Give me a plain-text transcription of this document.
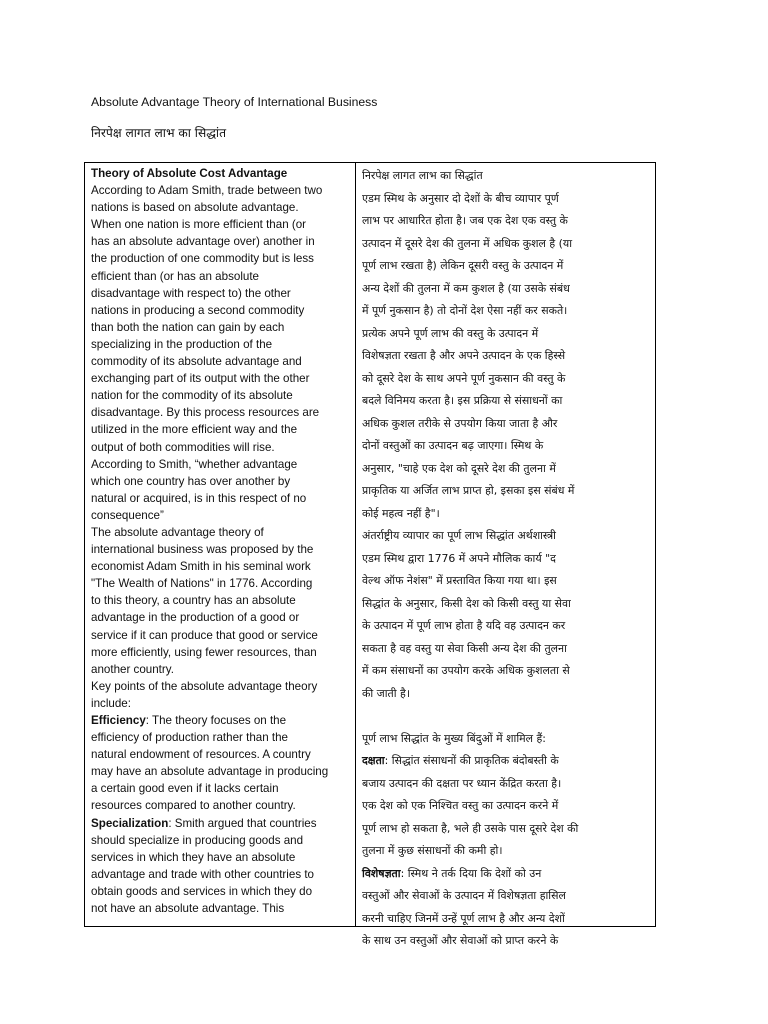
Absolute Advantage Theory of International Business
निरपेक्ष लागत लाभ का सिद्धांत
Theory of Absolute Cost Advantage
According to Adam Smith, trade between two
nations is based on absolute advantage.
When one nation is more efficient than (or
has an absolute advantage over) another in
the production of one commodity but is less
efficient than (or has an absolute
disadvantage with respect to) the other
nations in producing a second commodity
than both the nation can gain by each
specializing in the production of the
commodity of its absolute advantage and
exchanging part of its output with the other
nation for the commodity of its absolute
disadvantage. By this process resources are
utilized in the more efficient way and the
output of both commodities will rise.
According to Smith, “whether advantage
which one country has over another by
natural or acquired, is in this respect of no
consequence”
The absolute advantage theory of
international business was proposed by the
economist Adam Smith in his seminal work
"The Wealth of Nations" in 1776. According
to this theory, a country has an absolute
advantage in the production of a good or
service if it can produce that good or service
more efficiently, using fewer resources, than
another country.
Key points of the absolute advantage theory
include:
Efficiency: The theory focuses on the
efficiency of production rather than the
natural endowment of resources. A country
may have an absolute advantage in producing
a certain good even if it lacks certain
resources compared to another country.
Specialization: Smith argued that countries
should specialize in producing goods and
services in which they have an absolute
advantage and trade with other countries to
obtain goods and services in which they do
not have an absolute advantage. This
निरपेक्ष लागत लाभ का सिद्धांत
एडम स्मिथ के अनुसार दो देशों के बीच व्यापार पूर्ण
लाभ पर आधारित होता है। जब एक देश एक वस्तु के
उत्पादन में दूसरे देश की तुलना में अधिक कुशल है (या
पूर्ण लाभ रखता है) लेकिन दूसरी वस्तु के उत्पादन में
अन्य देशों की तुलना में कम कुशल है (या उसके संबंध
में पूर्ण नुकसान है) तो दोनों देश ऐसा नहीं कर सकते।
प्रत्येक अपने पूर्ण लाभ की वस्तु के उत्पादन में
विशेषज्ञता रखता है और अपने उत्पादन के एक हिस्से
को दूसरे देश के साथ अपने पूर्ण नुकसान की वस्तु के
बदले विनिमय करता है। इस प्रक्रिया से संसाधनों का
अधिक कुशल तरीके से उपयोग किया जाता है और
दोनों वस्तुओं का उत्पादन बढ़ जाएगा। स्मिथ के
अनुसार, "चाहे एक देश को दूसरे देश की तुलना में
प्राकृतिक या अर्जित लाभ प्राप्त हो, इसका इस संबंध में
कोई महत्व नहीं है"।
अंतर्राष्ट्रीय व्यापार का पूर्ण लाभ सिद्धांत अर्थशास्त्री
एडम स्मिथ द्वारा 1776 में अपने मौलिक कार्य "द
वेल्थ ऑफ नेशंस" में प्रस्तावित किया गया था। इस
सिद्धांत के अनुसार, किसी देश को किसी वस्तु या सेवा
के उत्पादन में पूर्ण लाभ होता है यदि वह उत्पादन कर
सकता है वह वस्तु या सेवा किसी अन्य देश की तुलना
में कम संसाधनों का उपयोग करके अधिक कुशलता से
की जाती है।
पूर्ण लाभ सिद्धांत के मुख्य बिंदुओं में शामिल हैं:
दक्षता: सिद्धांत संसाधनों की प्राकृतिक बंदोबस्ती के
बजाय उत्पादन की दक्षता पर ध्यान केंद्रित करता है।
एक देश को एक निश्चित वस्तु का उत्पादन करने में
पूर्ण लाभ हो सकता है, भले ही उसके पास दूसरे देश की
तुलना में कुछ संसाधनों की कमी हो।
विशेषज्ञता: स्मिथ ने तर्क दिया कि देशों को उन
वस्तुओं और सेवाओं के उत्पादन में विशेषज्ञता हासिल
करनी चाहिए जिनमें उन्हें पूर्ण लाभ है और अन्य देशों
के साथ उन वस्तुओं और सेवाओं को प्राप्त करने के
